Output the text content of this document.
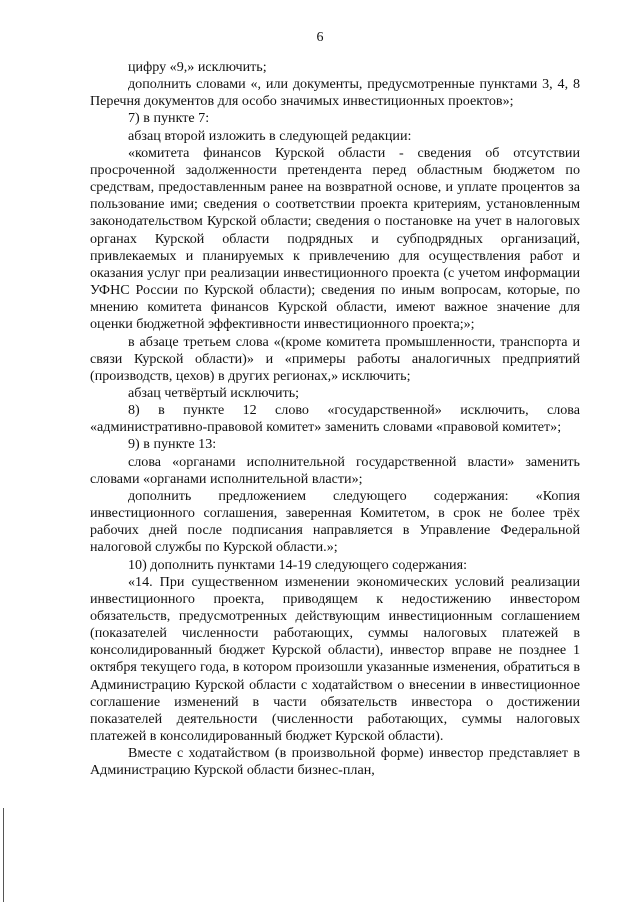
6

цифру «9,» исключить;

дополнить словами «, или документы, предусмотренные пунктами 3, 4, 8 Перечня документов для особо значимых инвестиционных проектов»;

7) в пункте 7:

абзац второй изложить в следующей редакции:

«комитета финансов Курской области - сведения об отсутствии просроченной задолженности претендента перед областным бюджетом по средствам, предоставленным ранее на возвратной основе, и уплате процентов за пользование ими; сведения о соответствии проекта критериям, установленным законодательством Курской области; сведения о постановке на учет в налоговых органах Курской области подрядных и субподрядных организаций, привлекаемых и планируемых к привлечению для осуществления работ и оказания услуг при реализации инвестиционного проекта (с учетом информации УФНС России по Курской области); сведения по иным вопросам, которые, по мнению комитета финансов Курской области, имеют важное значение для оценки бюджетной эффективности инвестиционного проекта;»;

в абзаце третьем слова «(кроме комитета промышленности, транспорта и связи Курской области)» и «примеры работы аналогичных предприятий (производств, цехов) в других регионах,» исключить;

абзац четвёртый исключить;

8) в пункте 12 слово «государственной» исключить, слова «административно-правовой комитет» заменить словами «правовой комитет»;

9) в пункте 13:

слова «органами исполнительной государственной власти» заменить словами «органами исполнительной власти»;

дополнить предложением следующего содержания: «Копия инвестиционного соглашения, заверенная Комитетом, в срок не более трёх рабочих дней после подписания направляется в Управление Федеральной налоговой службы по Курской области.»;

10) дополнить пунктами 14-19 следующего содержания:

«14. При существенном изменении экономических условий реализации инвестиционного проекта, приводящем к недостижению инвестором обязательств, предусмотренных действующим инвестиционным соглашением (показателей численности работающих, суммы налоговых платежей в консолидированный бюджет Курской области), инвестор вправе не позднее 1 октября текущего года, в котором произошли указанные изменения, обратиться в Администрацию Курской области с ходатайством о внесении в инвестиционное соглашение изменений в части обязательств инвестора о достижении показателей деятельности (численности работающих, суммы налоговых платежей в консолидированный бюджет Курской области).

Вместе с ходатайством (в произвольной форме) инвестор представляет в Администрацию Курской области бизнес-план,
